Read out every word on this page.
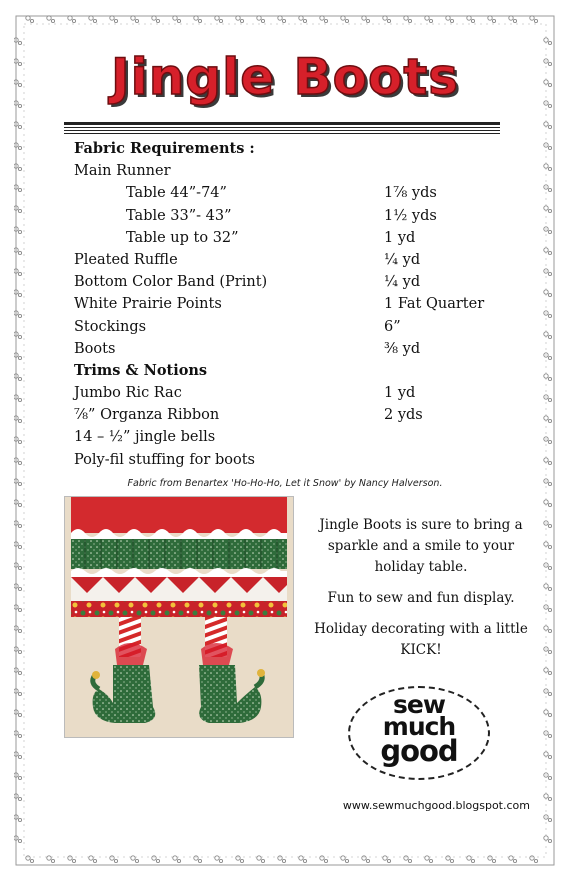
Jingle Boots
Fabric Requirements :
Main Runner
Table 44”-74”	1⅞ yds
Table 33”- 43”	1½ yds
Table up to 32”	1 yd
Pleated Ruffle	¼ yd
Bottom Color Band (Print)	¼ yd
White Prairie Points	1 Fat Quarter
Stockings	6”
Boots	⅜ yd
Trims & Notions
Jumbo Ric Rac	1 yd
⅞” Organza Ribbon	2 yds
14 – ½” jingle bells
Poly-fil stuffing for boots
Fabric from Benartex 'Ho-Ho-Ho, Let it Snow' by Nancy Halverson.

Jingle Boots is sure to bring a sparkle and a smile to your holiday table.

Fun to sew and fun display.

Holiday decorating with a little KICK!

sew
much
good
www.sewmuchgood.blogspot.com
